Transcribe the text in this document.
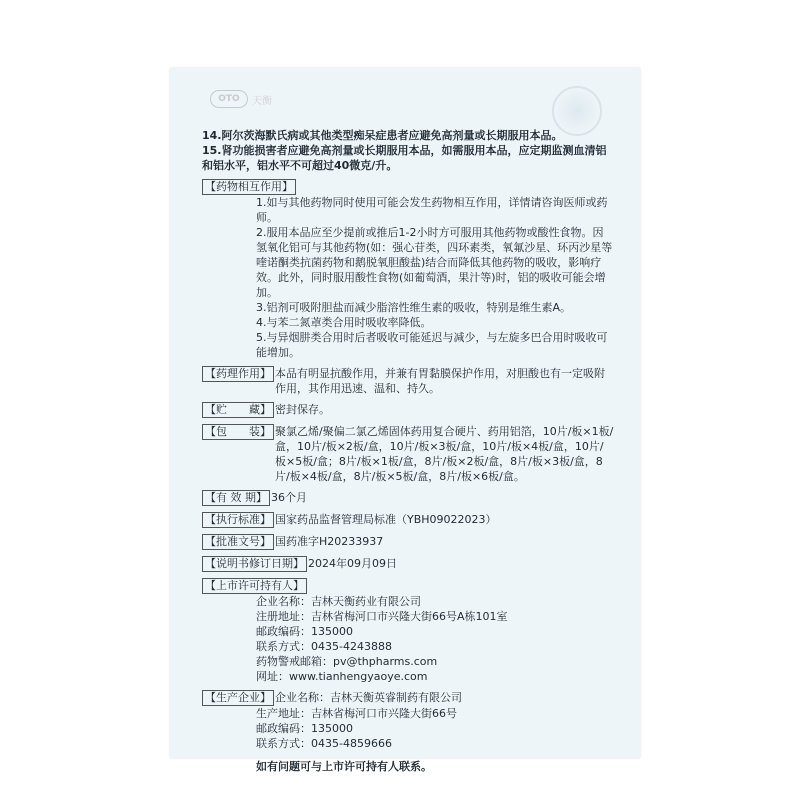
OTO	天衡

14.阿尔茨海默氏病或其他类型痴呆症患者应避免高剂量或长期服用本品。

15.肾功能损害者应避免高剂量或长期服用本品，如需服用本品，应定期监测血清铝和铝水平，铝水平不可超过40微克/升。

【药物相互作用】

1.如与其他药物同时使用可能会发生药物相互作用，详情请咨询医师或药师。

2.服用本品应至少提前或推后1-2小时方可服用其他药物或酸性食物。因氢氧化铝可与其他药物(如：强心苷类，四环素类，氧氟沙星、环丙沙星等喹诺酮类抗菌药物和鹅脱氧胆酸盐)结合而降低其他药物的吸收，影响疗效。此外，同时服用酸性食物(如葡萄酒，果汁等)时，铝的吸收可能会增加。

3.铝剂可吸附胆盐而减少脂溶性维生素的吸收，特别是维生素A。

4.与苯二氮䓬类合用时吸收率降低。

5.与异烟肼类合用时后者吸收可能延迟与减少，与左旋多巴合用时吸收可能增加。

【药理作用】 本品有明显抗酸作用，并兼有胃黏膜保护作用，对胆酸也有一定吸附作用，其作用迅速、温和、持久。
【贮　　藏】 密封保存。
【包　　装】 聚氯乙烯/聚偏二氯乙烯固体药用复合硬片、药用铝箔，10片/板×1板/盒，10片/板×2板/盒，10片/板×3板/盒，10片/板×4板/盒，10片/板×5板/盒；8片/板×1板/盒，8片/板×2板/盒，8片/板×3板/盒，8片/板×4板/盒，8片/板×5板/盒，8片/板×6板/盒。
【有 效 期】 36个月
【执行标准】 国家药品监督管理局标准（YBH09022023）
【批准文号】 国药准字H20233937
【说明书修订日期】 2024年09月09日
【上市许可持有人】

企业名称：吉林天衡药业有限公司

注册地址：吉林省梅河口市兴隆大街66号A栋101室

邮政编码：135000

联系方式：0435-4243888

药物警戒邮箱：pv@thpharms.com

网址：www.tianhengyaoye.com

【生产企业】 企业名称：吉林天衡英睿制药有限公司

生产地址：吉林省梅河口市兴隆大街66号

邮政编码：135000

联系方式：0435-4859666

如有问题可与上市许可持有人联系。
